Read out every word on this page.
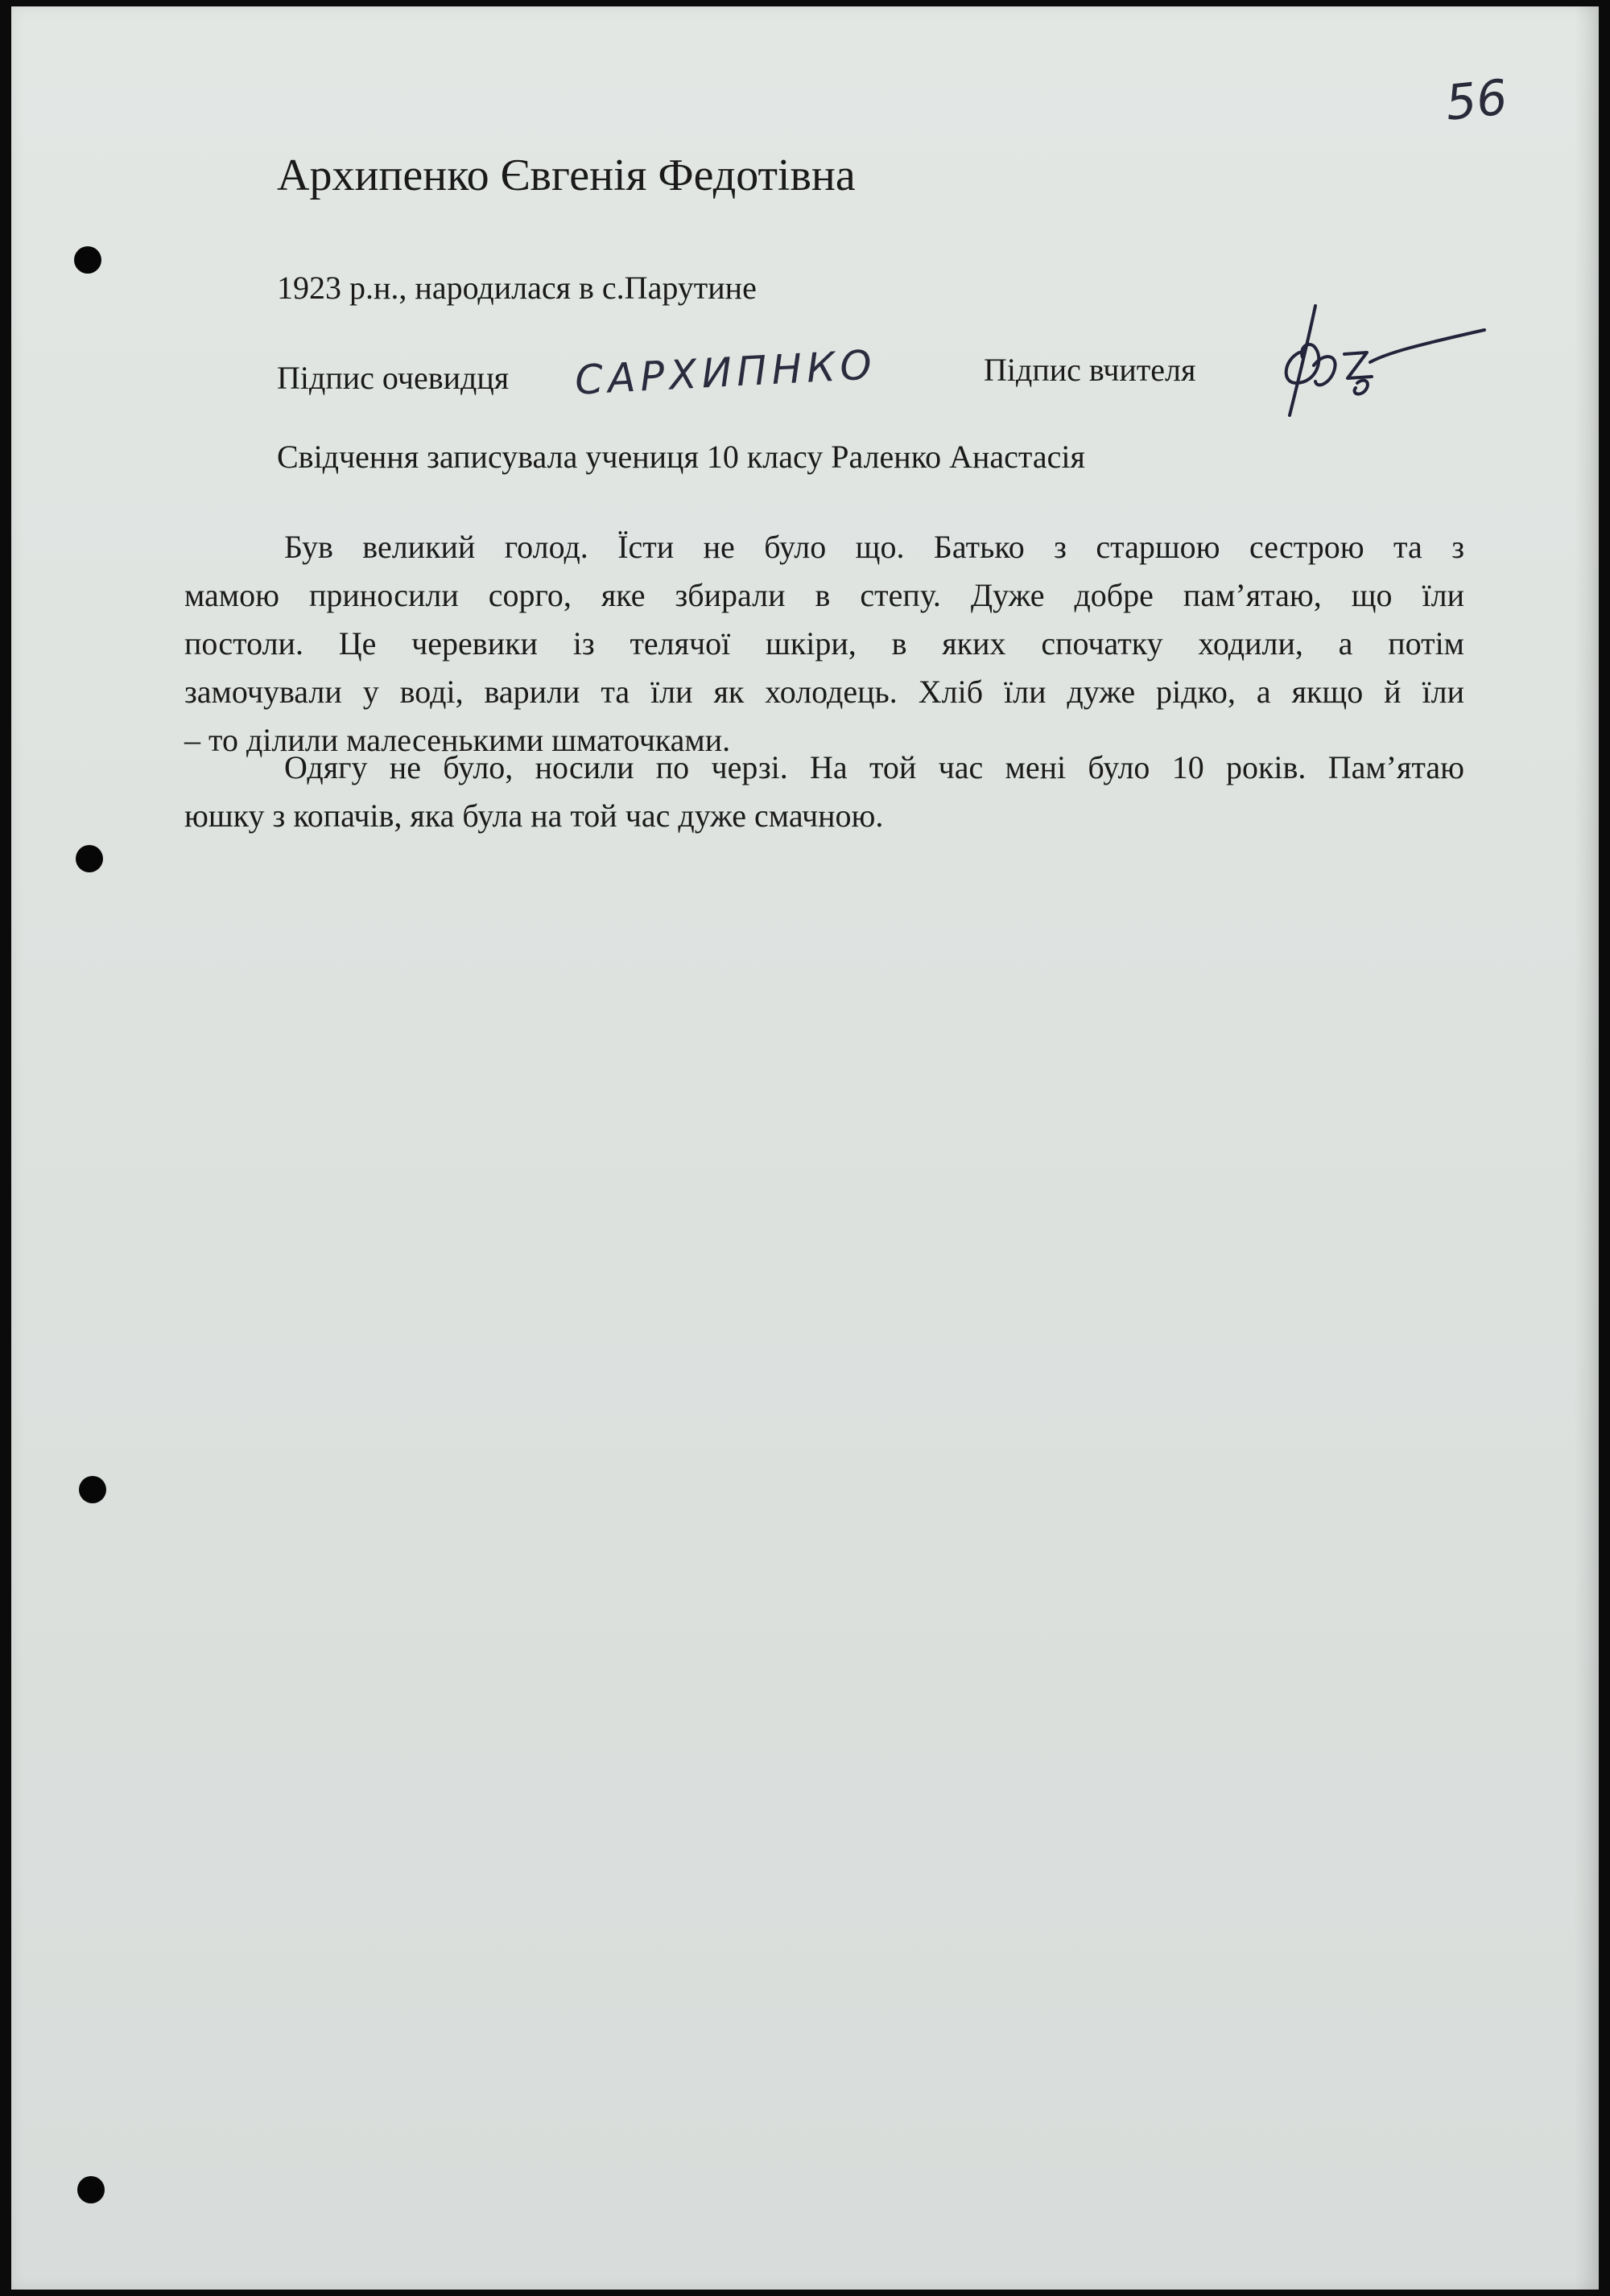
56
Архипенко Євгенія Федотівна
1923 р.н., народилася в с.Парутине
Підпис очевидця САРХИПНКО	Підпис вчителя
Свідчення записувала учениця 10 класу Раленко Анастасія
Був великий голод. Їсти не було що. Батько з старшою сестрою та з
мамою приносили сорго, яке збирали в степу. Дуже добре пам’ятаю, що їли
постоли. Це черевики із телячої шкіри, в яких спочатку ходили, а потім
замочували у воді, варили та їли як холодець. Хліб їли дуже рідко, а якщо й їли
– то ділили малесенькими шматочками.
Одягу не було, носили по черзі. На той час мені було 10 років. Пам’ятаю
юшку з копачів, яка була на той час дуже смачною.
